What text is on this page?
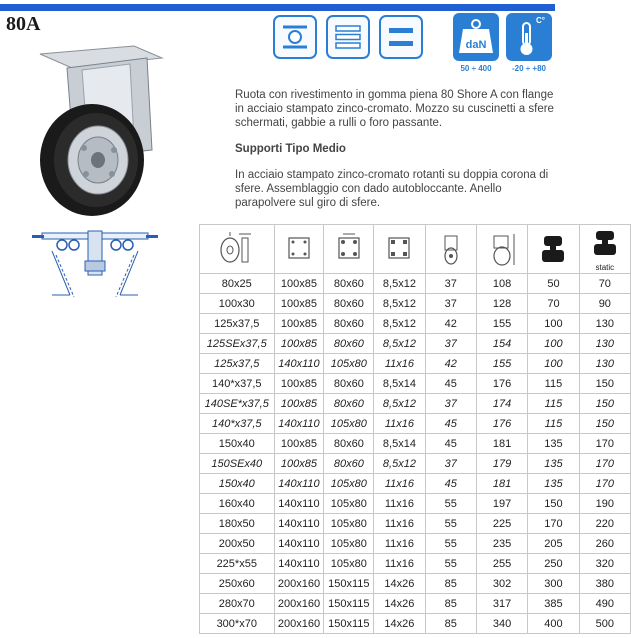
80A
daN
50 ÷ 400
C°
-20 ÷ +80

Ruota con rivestimento in gomma piena 80 Shore A con flange in acciaio stampato zinco-cromato. Mozzo su cuscinetti a sfere schermati, gabbie a rulli o foro passante.

Supporti Tipo Medio

In acciaio stampato zinco-cromato rotanti su doppia corona di sfere. Assemblaggio con dado autobloccante. Anello parapolvere sul giro di sfere.

static

80x25	100x85	80x60	8,5x12	37	108	50	70
100x30	100x85	80x60	8,5x12	37	128	70	90
125x37,5	100x85	80x60	8,5x12	42	155	100	130
125SEx37,5	100x85	80x60	8,5x12	37	154	100	130
125x37,5	140x110	105x80	11x16	42	155	100	130
140*x37,5	100x85	80x60	8,5x14	45	176	115	150
140SE*x37,5	100x85	80x60	8,5x12	37	174	115	150
140*x37,5	140x110	105x80	11x16	45	176	115	150
150x40	100x85	80x60	8,5x14	45	181	135	170
150SEx40	100x85	80x60	8,5x12	37	179	135	170
150x40	140x110	105x80	11x16	45	181	135	170
160x40	140x110	105x80	11x16	55	197	150	190
180x50	140x110	105x80	11x16	55	225	170	220
200x50	140x110	105x80	11x16	55	235	205	260
225*x55	140x110	105x80	11x16	55	255	250	320
250x60	200x160	150x115	14x26	85	302	300	380
280x70	200x160	150x115	14x26	85	317	385	490
300*x70	200x160	150x115	14x26	85	340	400	500
